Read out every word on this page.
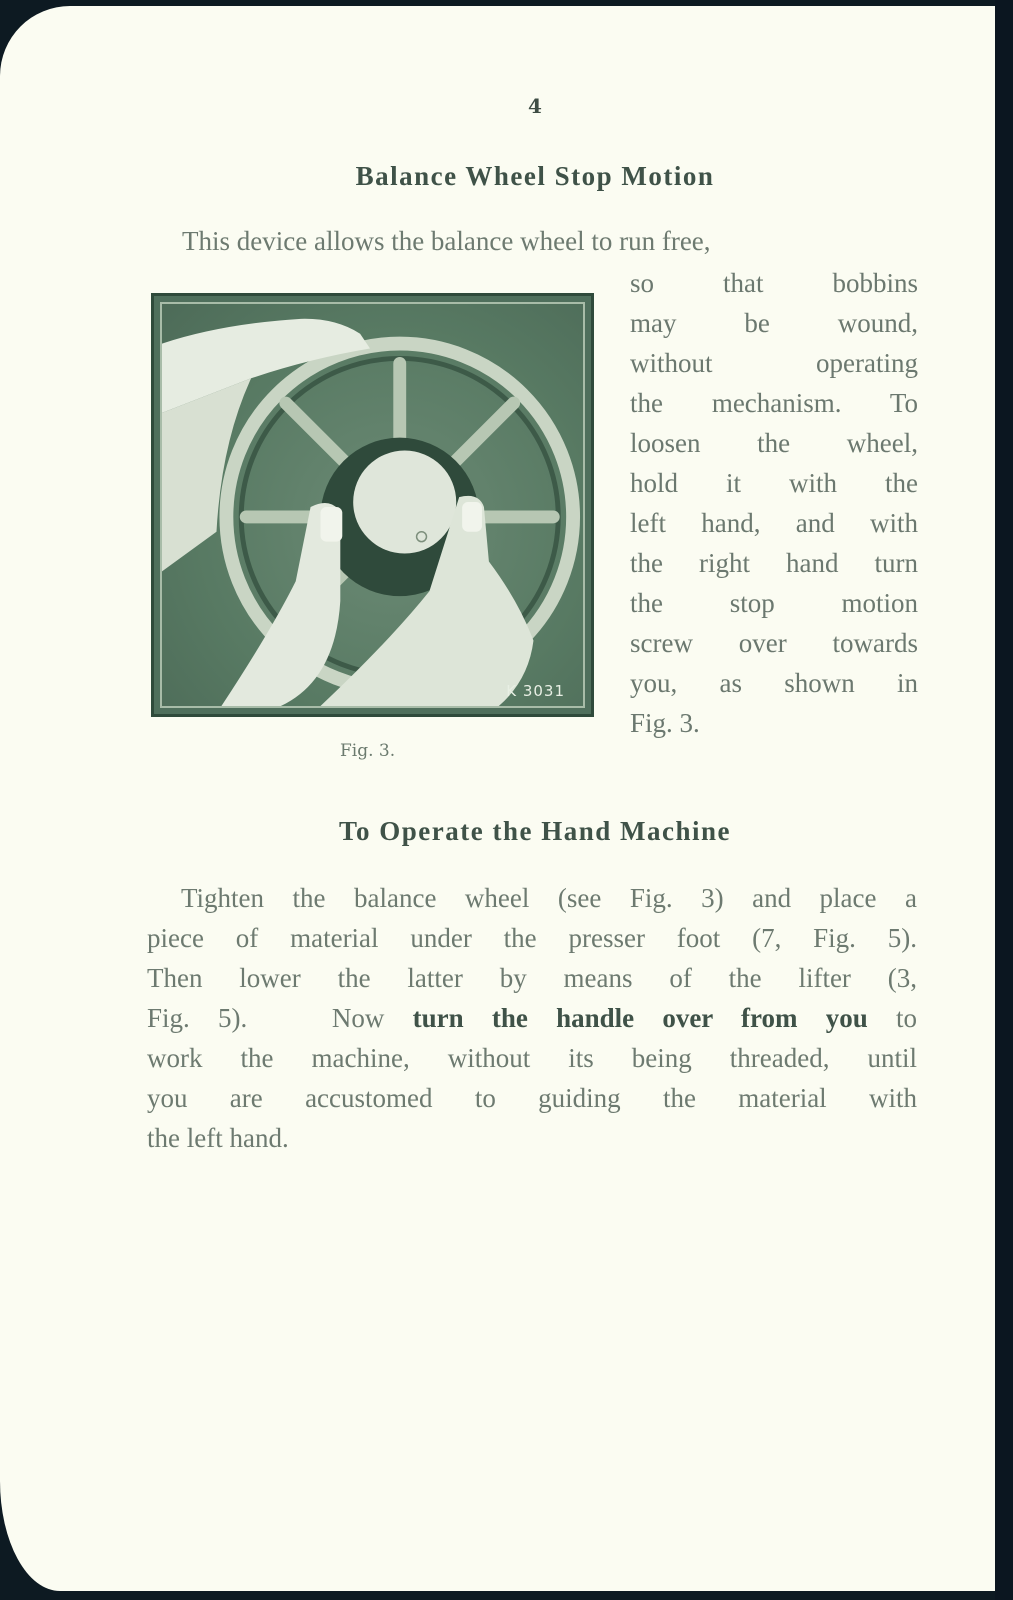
4
Balance Wheel Stop Motion
This device allows the balance wheel to run free,
K 3031
Fig. 3.
so that bobbins
may be wound,
without operating
the mechanism. To
loosen the wheel,
hold it with the
left hand, and with
the right hand turn
the stop motion
screw over towards
you, as shown in
Fig. 3.
To Operate the Hand Machine
Tighten the balance wheel (see Fig. 3) and place a
piece of material under the presser foot (7, Fig. 5).
Then lower the latter by means of the lifter (3,
Fig. 5).   Now turn the handle over from you to
work the machine, without its being threaded, until
you are accustomed to guiding the material with
the left hand.
